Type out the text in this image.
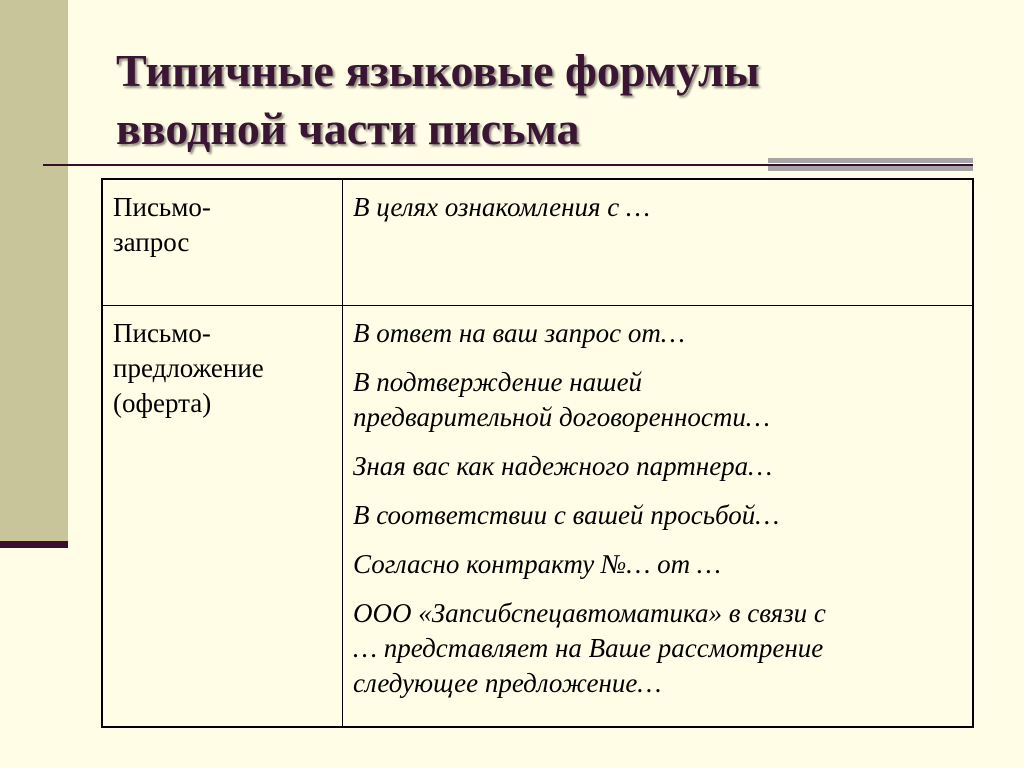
Типичные языковые формулы
вводной части письма
Письмо-
запрос
В целях ознакомления с …
Письмо-
предложение
(оферта)
В ответ на ваш запрос от…
В подтверждение нашей
предварительной договоренности…
Зная вас как надежного партнера…
В соответствии с вашей просьбой…
Согласно контракту №… от …
ООО «Запсибспецавтоматика» в связи с
… представляет на Ваше рассмотрение
следующее предложение…
